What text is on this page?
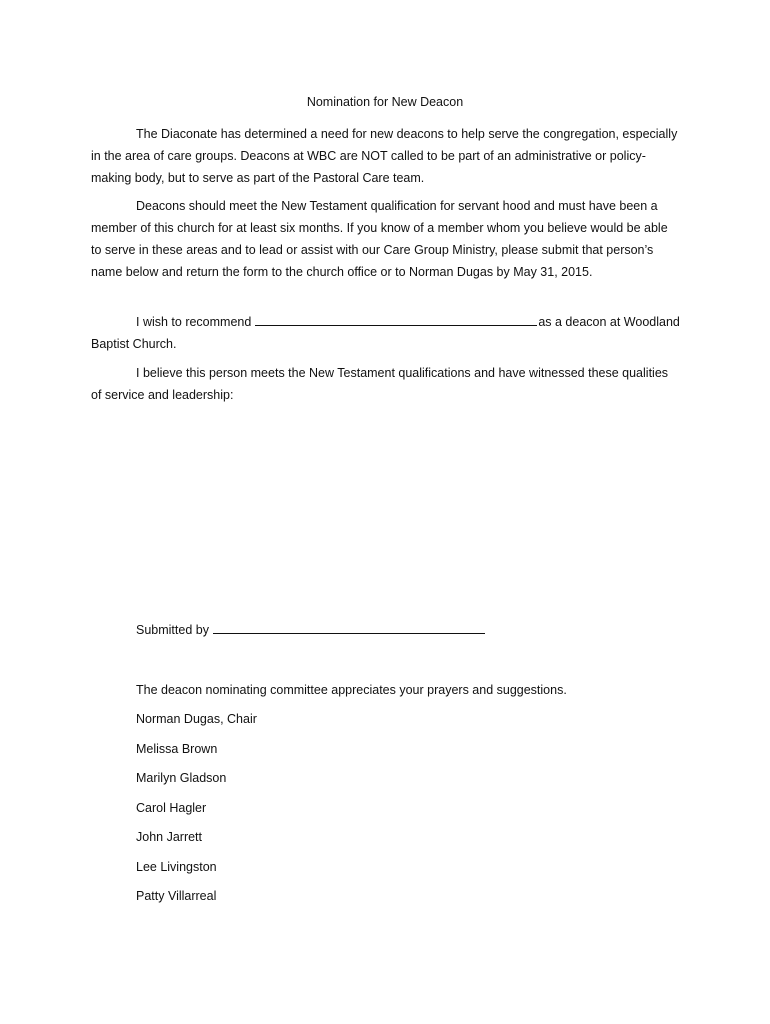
Nomination for New Deacon

The Diaconate has determined a need for new deacons to help serve the congregation, especially in the area of care groups. Deacons at WBC are NOT called to be part of an administrative or policy-making body, but to serve as part of the Pastoral Care team.

Deacons should meet the New Testament qualification for servant hood and must have been a member of this church for at least six months. If you know of a member whom you believe would be able to serve in these areas and to lead or assist with our Care Group Ministry, please submit that person’s name below and return the form to the church office or to Norman Dugas by May 31, 2015.

I wish to recommend	as a deacon at Woodland Baptist Church.

I believe this person meets the New Testament qualifications and have witnessed these qualities of service and leadership:

Submitted by
The deacon nominating committee appreciates your prayers and suggestions.
Norman Dugas, Chair
Melissa Brown
Marilyn Gladson
Carol Hagler
John Jarrett
Lee Livingston
Patty Villarreal
